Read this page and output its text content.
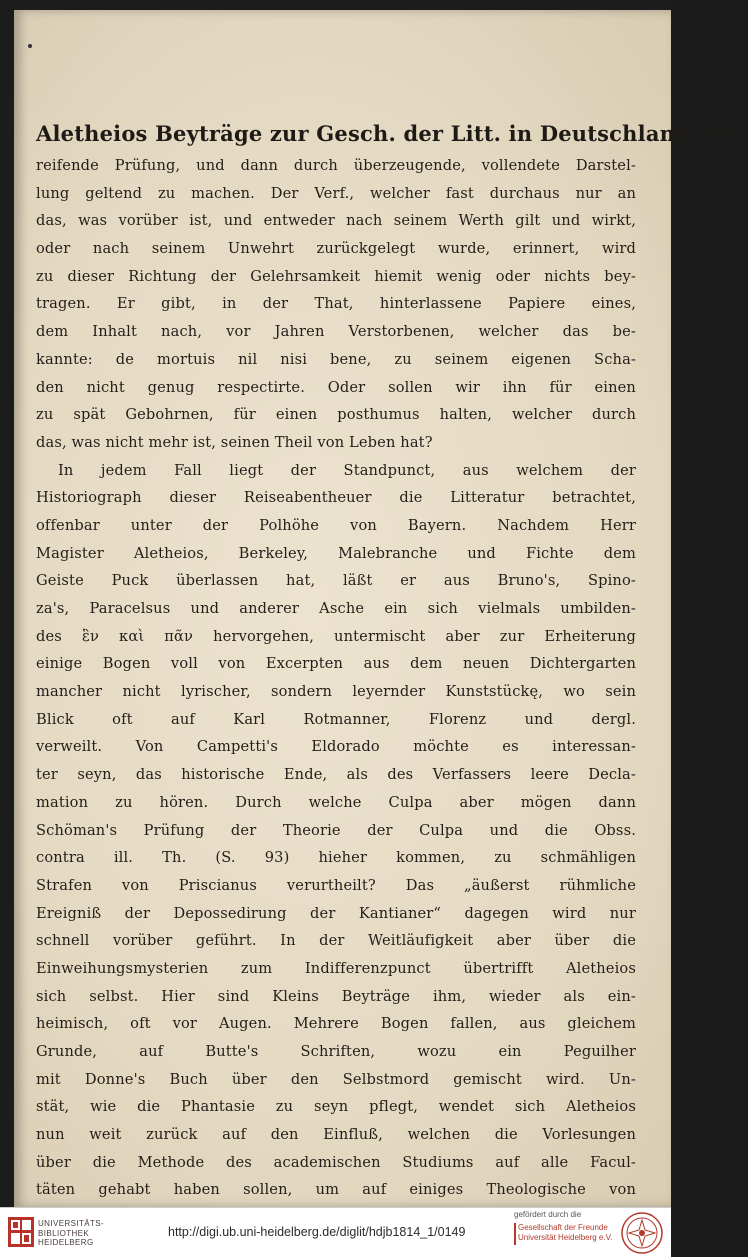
Aletheios Beyträge zur Gesch. der Litt. in Deutschland. 143
reifende Prüfung, und dann durch überzeugende, vollendete Darstel-
lung geltend zu machen. Der Verf., welcher fast durchaus nur an
das, was vorüber ist, und entweder nach seinem Werth gilt und wirkt,
oder nach seinem Unwehrt zurückgelegt wurde, erinnert, wird
zu dieser Richtung der Gelehrsamkeit hiemit wenig oder nichts bey-
tragen. Er gibt, in der That, hinterlassene Papiere eines,
dem Inhalt nach, vor Jahren Verstorbenen, welcher das be-
kannte: de mortuis nil nisi bene, zu seinem eigenen Scha-
den nicht genug respectirte. Oder sollen wir ihn für einen
zu spät Gebohrnen, für einen posthumus halten, welcher durch
das, was nicht mehr ist, seinen Theil von Leben hat?
In jedem Fall liegt der Standpunct, aus welchem der
Historiograph dieser Reiseabentheuer die Litteratur betrachtet,
offenbar unter der Polhöhe von Bayern. Nachdem Herr
Magister Aletheios, Berkeley, Malebranche und Fichte dem
Geiste Puck überlassen hat, läßt er aus Bruno's, Spino-
za's, Paracelsus und anderer Asche ein sich vielmals umbilden-
des ἓν καὶ πᾶν hervorgehen, untermischt aber zur Erheiterung
einige Bogen voll von Excerpten aus dem neuen Dichtergarten
mancher nicht lyrischer, sondern leyernder Kunststückę, wo sein
Blick oft auf Karl Rotmanner, Florenz und dergl.
verweilt. Von Campetti's Eldorado möchte es interessan-
ter seyn, das historische Ende, als des Verfassers leere Decla-
mation zu hören. Durch welche Culpa aber mögen dann
Schöman's Prüfung der Theorie der Culpa und die Obss.
contra ill. Th. (S. 93) hieher kommen, zu schmähligen
Strafen von Priscianus verurtheilt? Das „äußerst rühmliche
Ereigniß der Depossedirung der Kantianer“ dagegen wird nur
schnell vorüber geführt. In der Weitläufigkeit aber über die
Einweihungsmysterien zum Indifferenzpunct übertrifft Aletheios
sich selbst. Hier sind Kleins Beyträge ihm, wieder als ein-
heimisch, oft vor Augen. Mehrere Bogen fallen, aus gleichem
Grunde, auf Butte's Schriften, wozu ein Peguilher
mit Donne's Buch über den Selbstmord gemischt wird. Un-
stät, wie die Phantasie zu seyn pflegt, wendet sich Aletheios
nun weit zurück auf den Einfluß, welchen die Vorlesungen
über die Methode des academischen Studiums auf alle Facul-
täten gehabt haben sollen, um auf einiges Theologische von
UNIVERSITÄTS-
BIBLIOTHEK
HEIDELBERG
http://digi.ub.uni-heidelberg.de/diglit/hdjb1814_1/0149
gefördert durch die
Gesellschaft der Freunde
Universität Heidelberg e.V.
